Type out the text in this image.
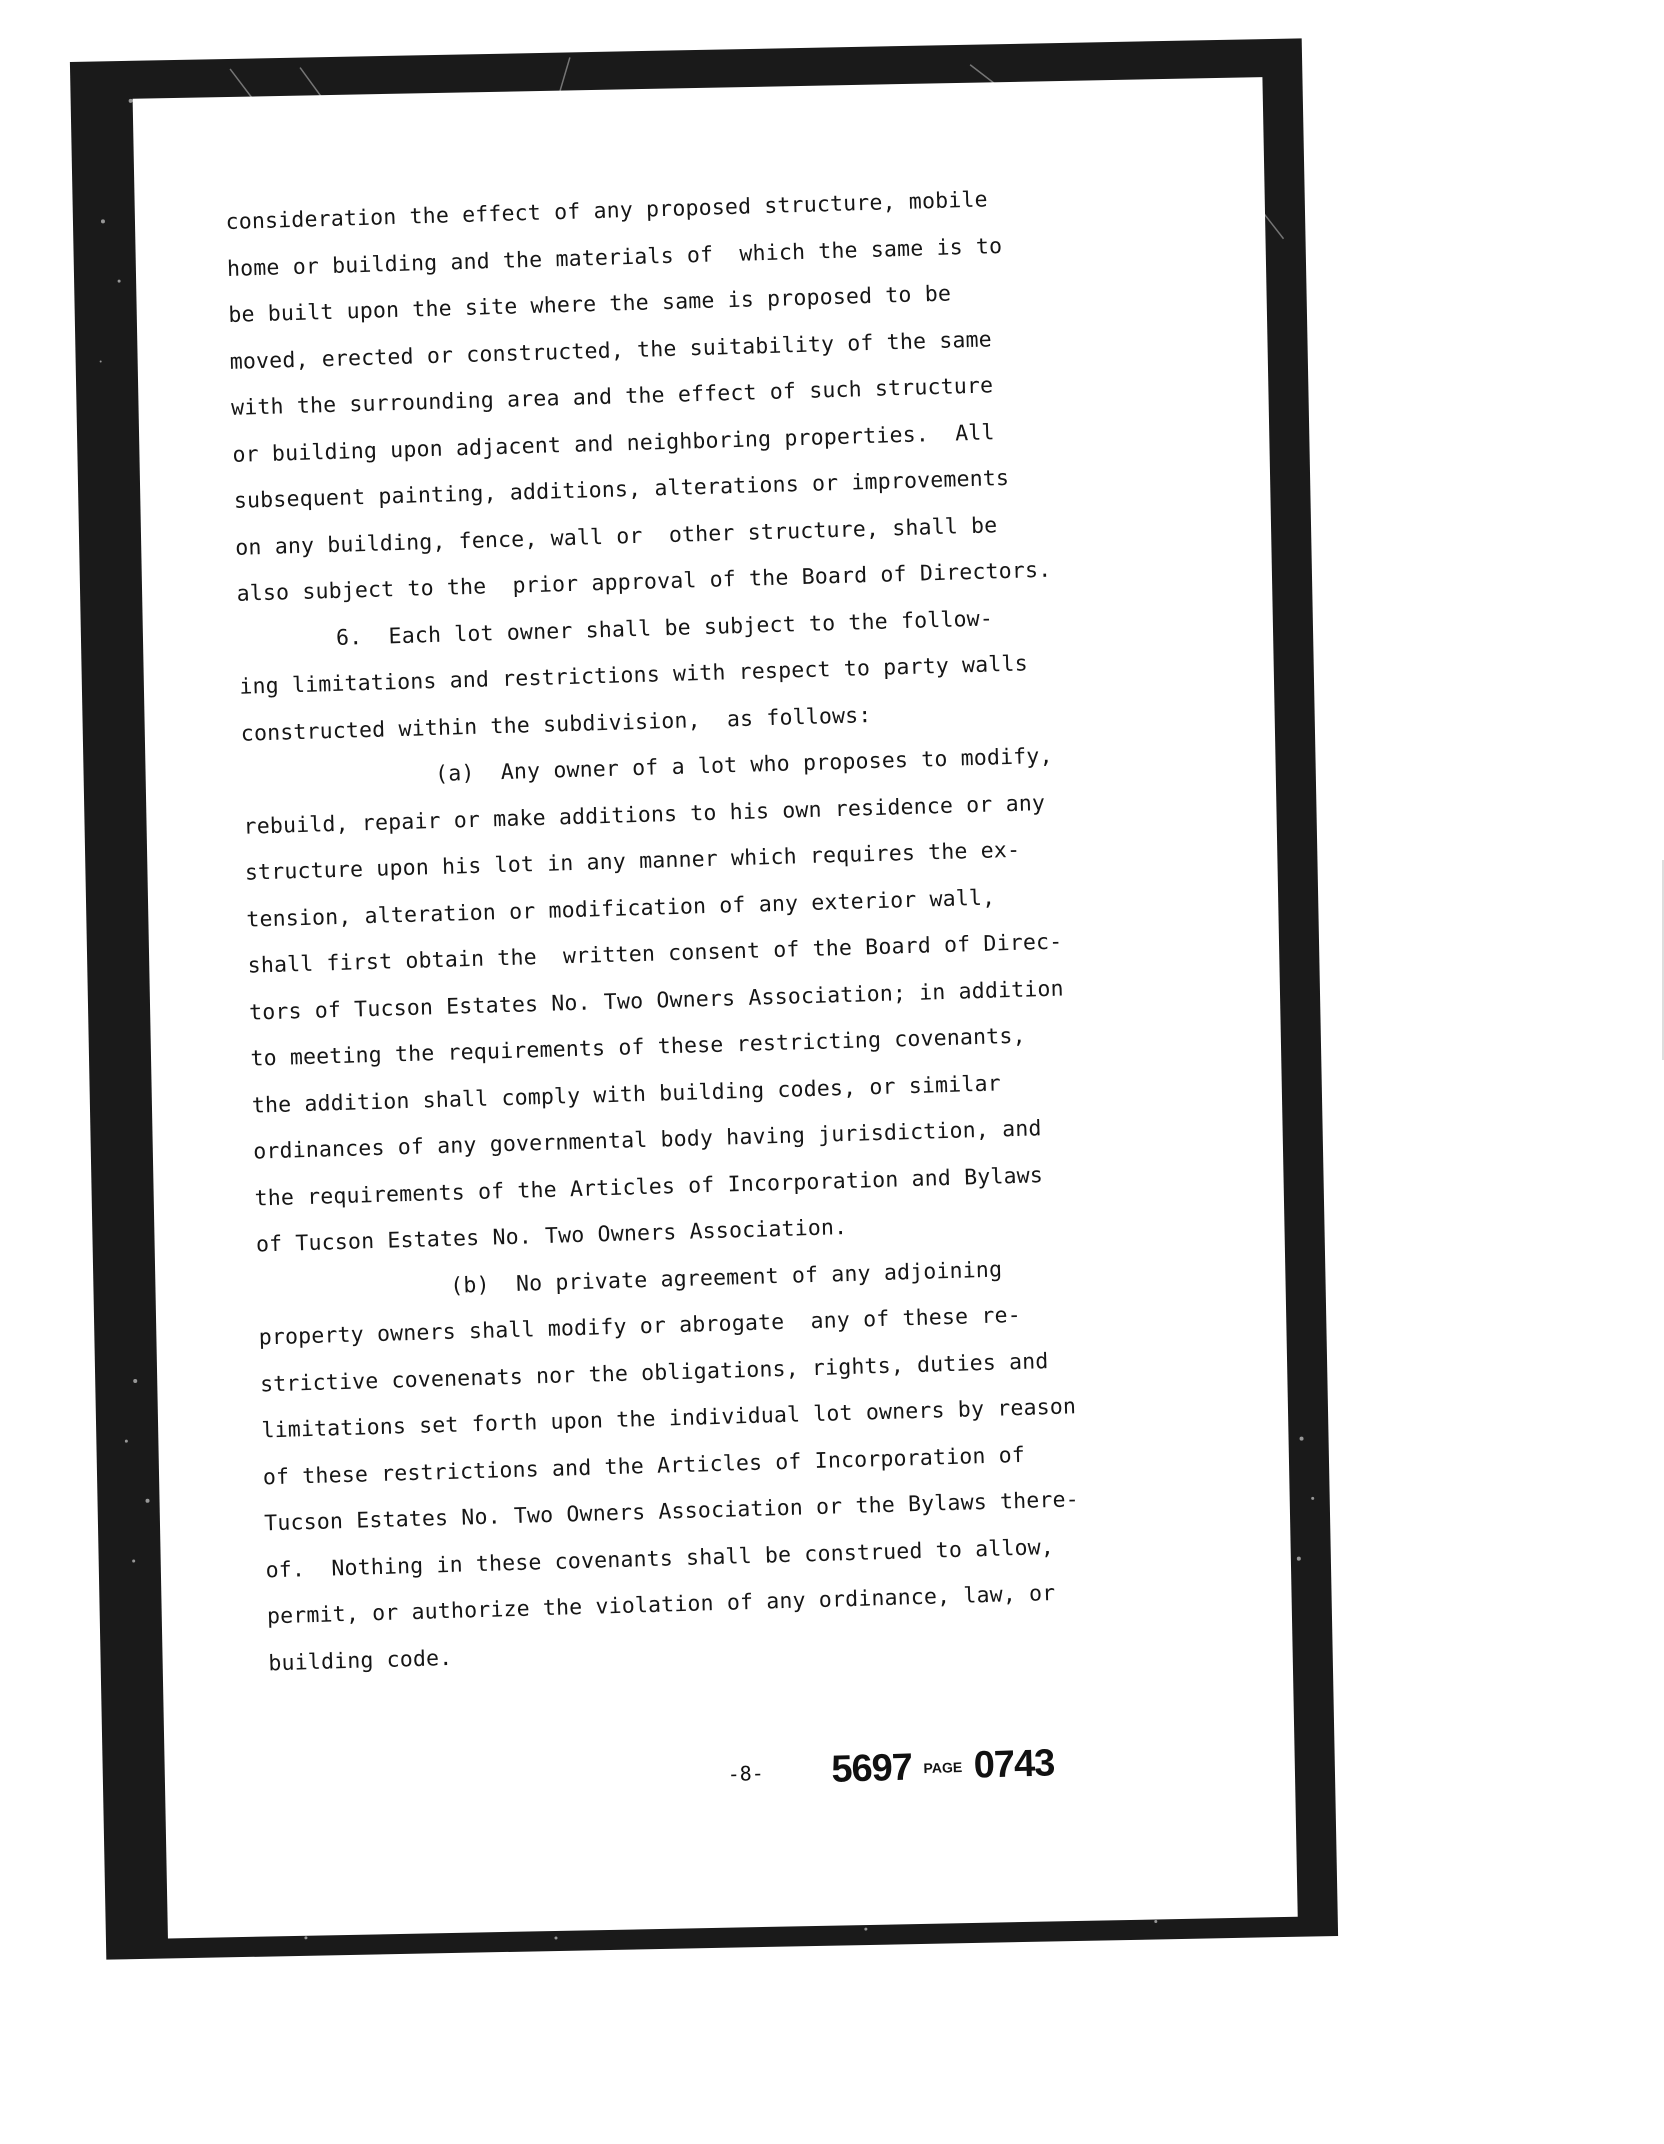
consideration the effect of any proposed structure, mobile
home or building and the materials of  which the same is to
be built upon the site where the same is proposed to be
moved, erected or constructed, the suitability of the same
with the surrounding area and the effect of such structure
or building upon adjacent and neighboring properties.  All
subsequent painting, additions, alterations or improvements
on any building, fence, wall or  other structure, shall be
also subject to the  prior approval of the Board of Directors.
6.  Each lot owner shall be subject to the follow-
ing limitations and restrictions with respect to party walls
constructed within the subdivision,  as follows:
(a)  Any owner of a lot who proposes to modify,
rebuild, repair or make additions to his own residence or any
structure upon his lot in any manner which requires the ex-
tension, alteration or modification of any exterior wall,
shall first obtain the  written consent of the Board of Direc-
tors of Tucson Estates No. Two Owners Association; in addition
to meeting the requirements of these restricting covenants,
the addition shall comply with building codes, or similar
ordinances of any governmental body having jurisdiction, and
the requirements of the Articles of Incorporation and Bylaws
of Tucson Estates No. Two Owners Association.
(b)  No private agreement of any adjoining
property owners shall modify or abrogate  any of these re-
strictive covenenats nor the obligations, rights, duties and
limitations set forth upon the individual lot owners by reason
of these restrictions and the Articles of Incorporation of
Tucson Estates No. Two Owners Association or the Bylaws there-
of.  Nothing in these covenants shall be construed to allow,
permit, or authorize the violation of any ordinance, law, or
building code.
-8- 5697 PAGE 0743
